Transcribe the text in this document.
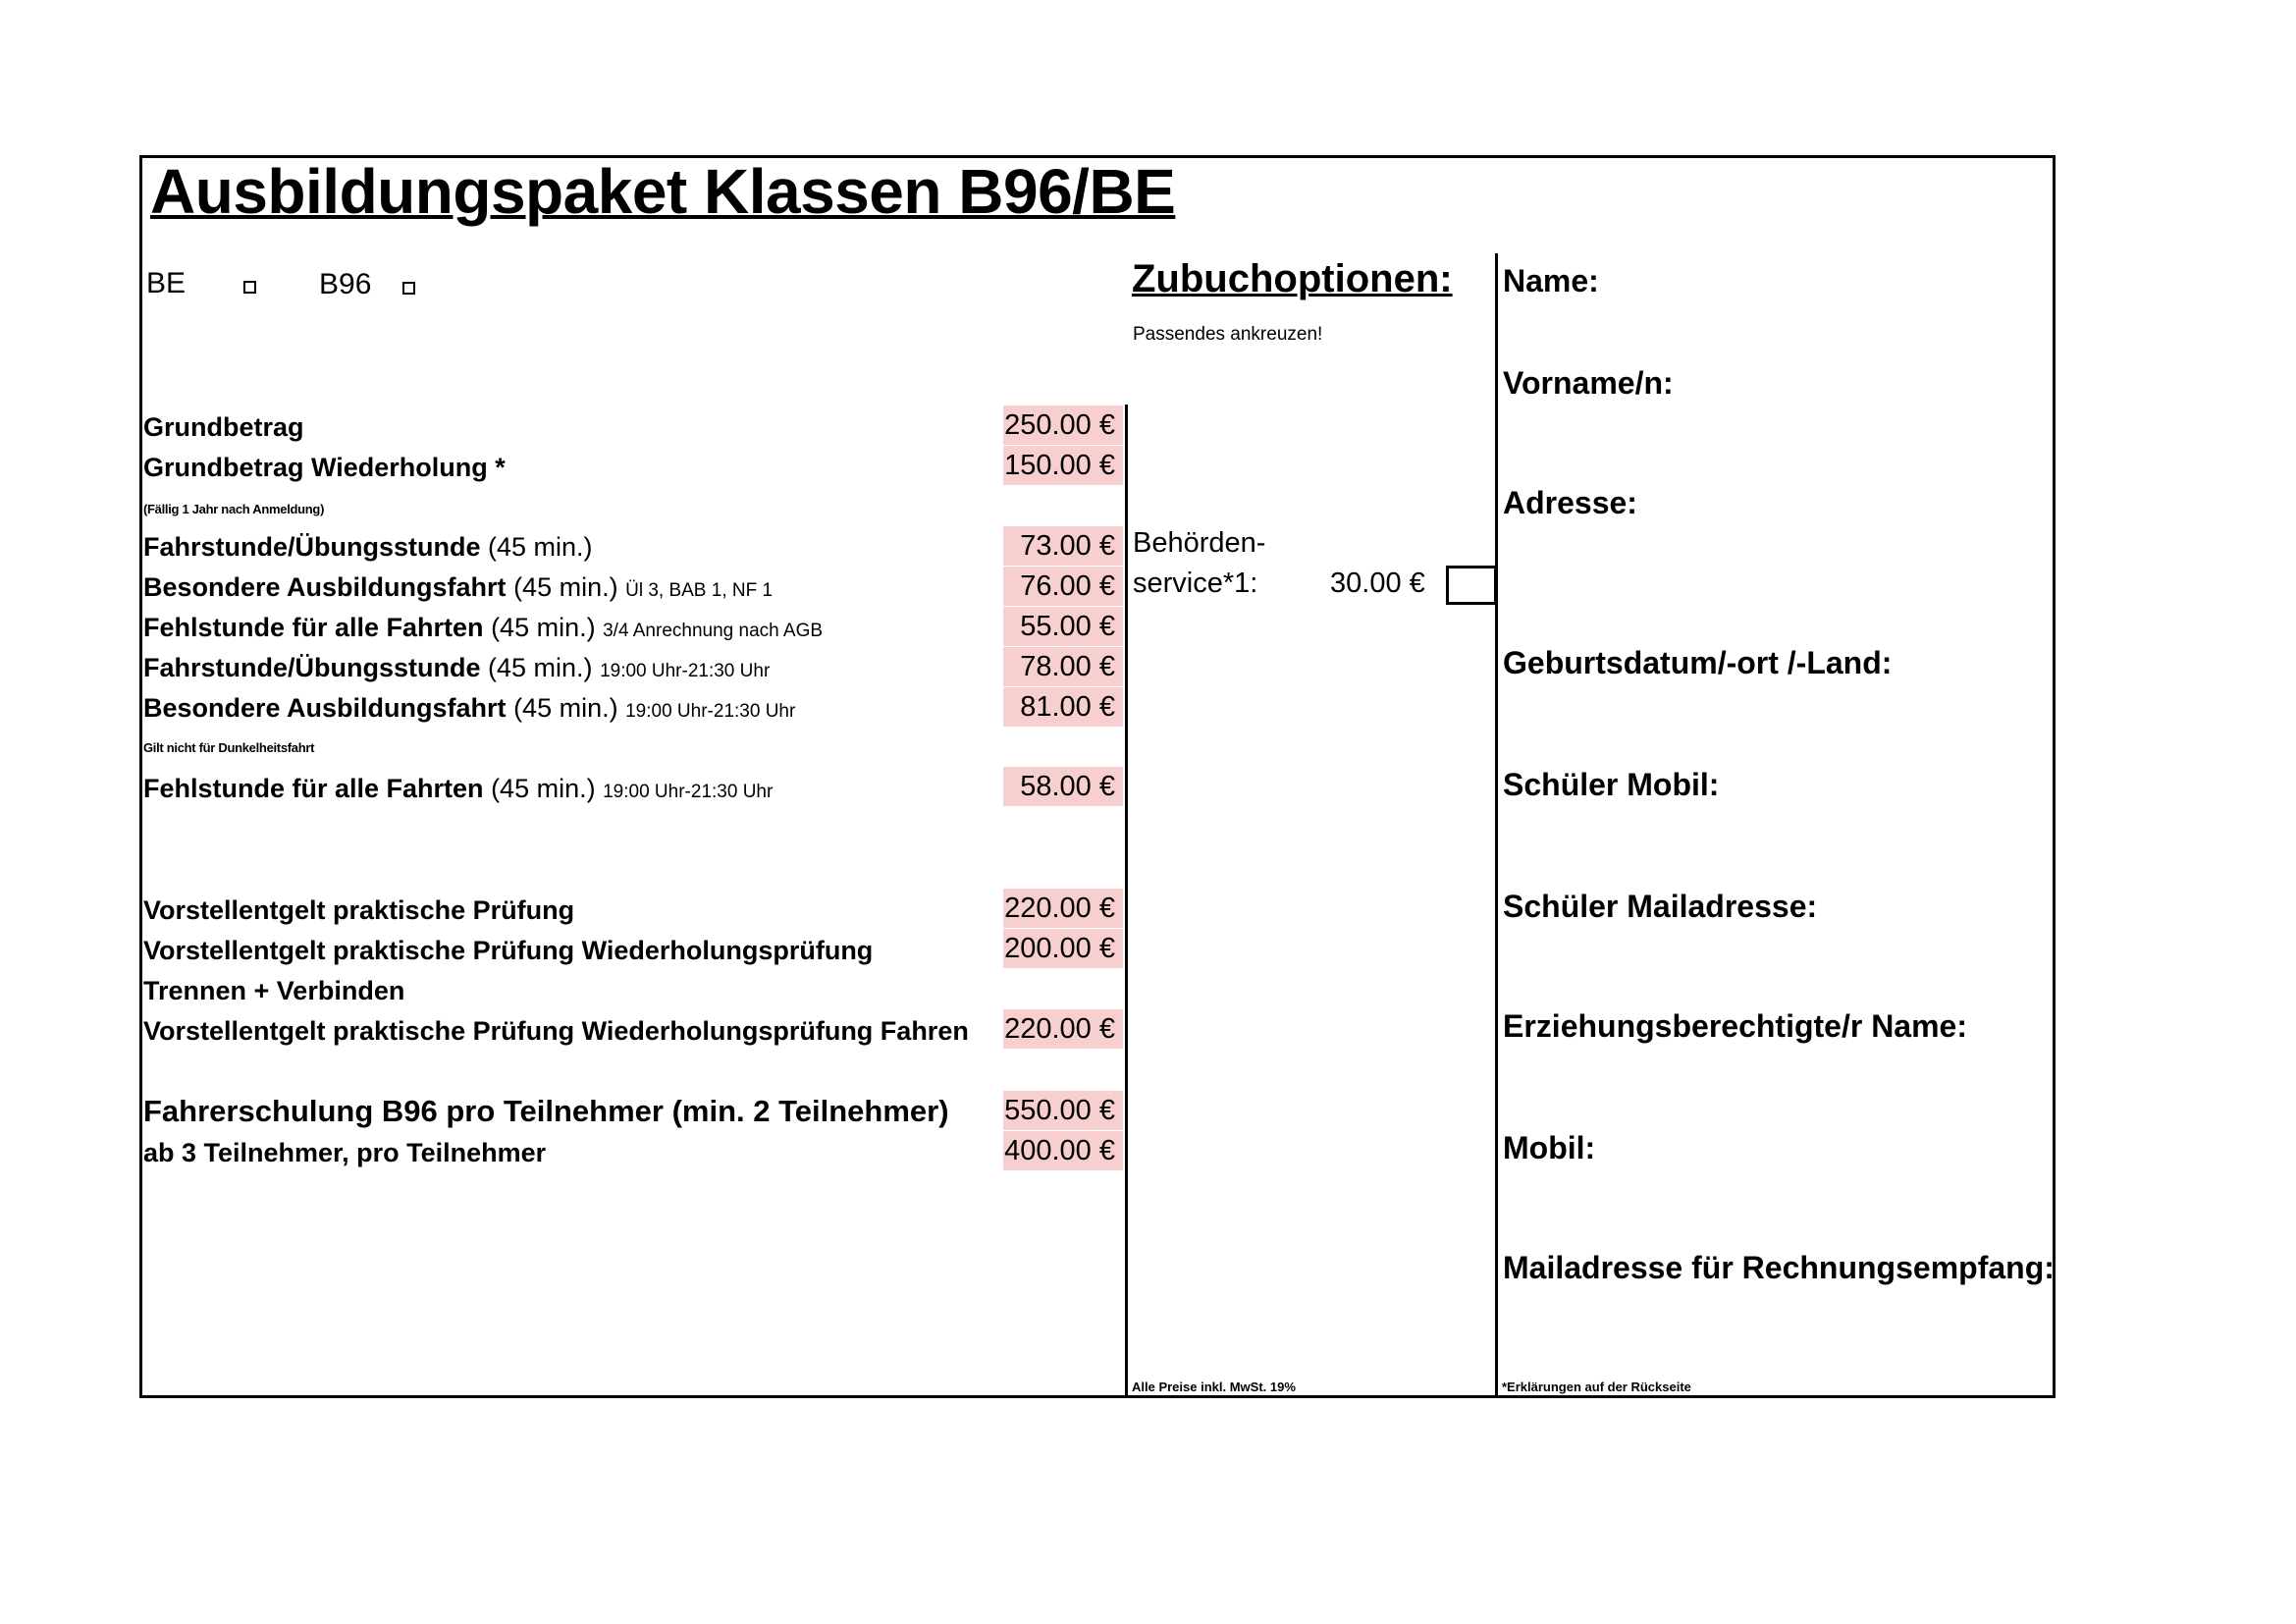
Ausbildungspaket Klassen B96/BE
BE	B96
Grundbetrag	250.00 €
Grundbetrag Wiederholung *	150.00 €
(Fällig 1 Jahr nach Anmeldung)
Fahrstunde/Übungsstunde (45 min.)	73.00 €
Besondere Ausbildungsfahrt (45 min.) Ül 3, BAB 1, NF 1	76.00 €
Fehlstunde für alle Fahrten (45 min.) 3/4 Anrechnung nach AGB	55.00 €
Fahrstunde/Übungsstunde (45 min.) 19:00 Uhr-21:30 Uhr	78.00 €
Besondere Ausbildungsfahrt (45 min.) 19:00 Uhr-21:30 Uhr	81.00 €
Gilt nicht für Dunkelheitsfahrt
Fehlstunde für alle Fahrten (45 min.) 19:00 Uhr-21:30 Uhr	58.00 €
Vorstellentgelt praktische Prüfung	220.00 €
Vorstellentgelt praktische Prüfung Wiederholungsprüfung	200.00 €
Trennen + Verbinden
Vorstellentgelt praktische Prüfung Wiederholungsprüfung Fahren 220.00 €
Fahrerschulung B96 pro Teilnehmer (min. 2 Teilnehmer) 550.00 €
ab 3 Teilnehmer, pro Teilnehmer	400.00 €
Zubuchoptionen:
Passendes ankreuzen!
Behörden-
service*1:	30.00 €
Alle Preise inkl. MwSt. 19%
Name:
Vorname/n:
Adresse:
Geburtsdatum/-ort /-Land:
Schüler Mobil:
Schüler Mailadresse:
Erziehungsberechtigte/r Name:
Mobil:
Mailadresse für Rechnungsempfang:
*Erklärungen auf der Rückseite
